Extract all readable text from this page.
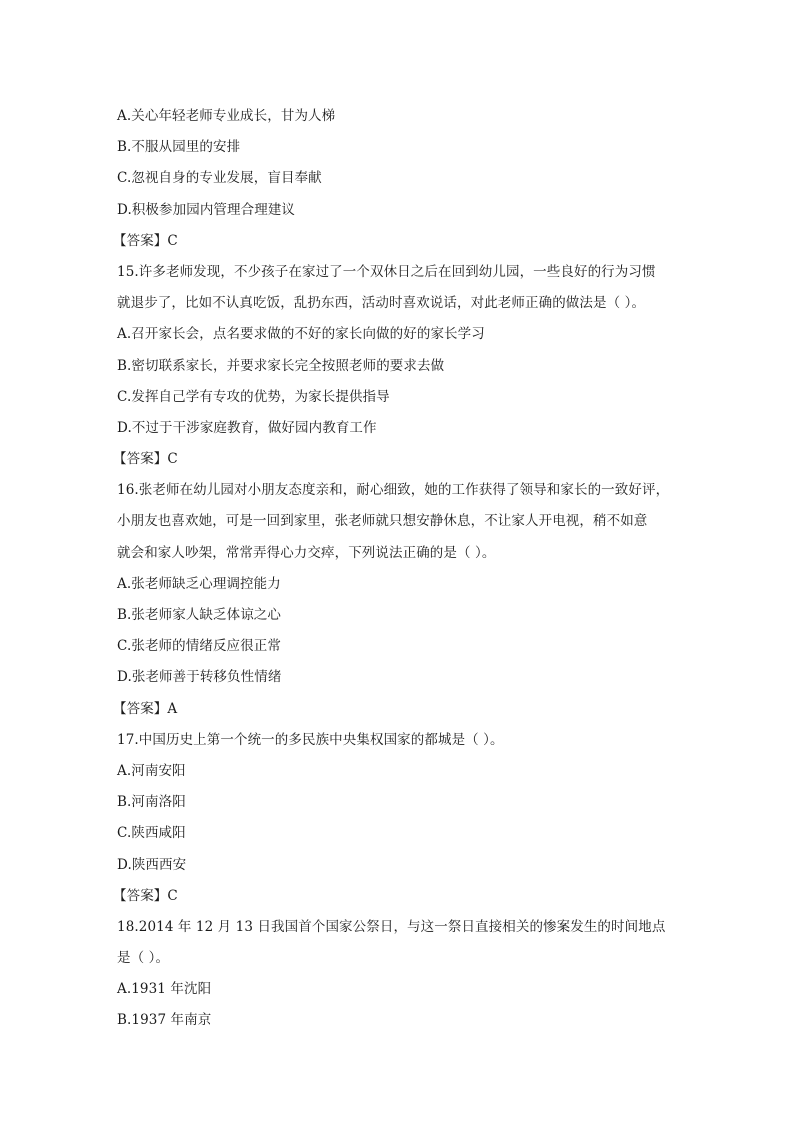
A.关心年轻老师专业成长，甘为人梯
B.不服从园里的安排
C.忽视自身的专业发展，盲目奉献
D.积极参加园内管理合理建议
【答案】C
15.许多老师发现，不少孩子在家过了一个双休日之后在回到幼儿园，一些良好的行为习惯
就退步了，比如不认真吃饭，乱扔东西，活动时喜欢说话，对此老师正确的做法是（ ）。
A.召开家长会，点名要求做的不好的家长向做的好的家长学习
B.密切联系家长，并要求家长完全按照老师的要求去做
C.发挥自己学有专攻的优势，为家长提供指导
D.不过于干涉家庭教育，做好园内教育工作
【答案】C
16.张老师在幼儿园对小朋友态度亲和，耐心细致，她的工作获得了领导和家长的一致好评，
小朋友也喜欢她，可是一回到家里，张老师就只想安静休息，不让家人开电视，稍不如意
就会和家人吵架，常常弄得心力交瘁，下列说法正确的是（ ）。
A.张老师缺乏心理调控能力
B.张老师家人缺乏体谅之心
C.张老师的情绪反应很正常
D.张老师善于转移负性情绪
【答案】A
17.中国历史上第一个统一的多民族中央集权国家的都城是（ ）。
A.河南安阳
B.河南洛阳
C.陕西咸阳
D.陕西西安
【答案】C
18.2014 年 12 月 13 日我国首个国家公祭日，与这一祭日直接相关的惨案发生的时间地点
是（ ）。
A.1931 年沈阳
B.1937 年南京
